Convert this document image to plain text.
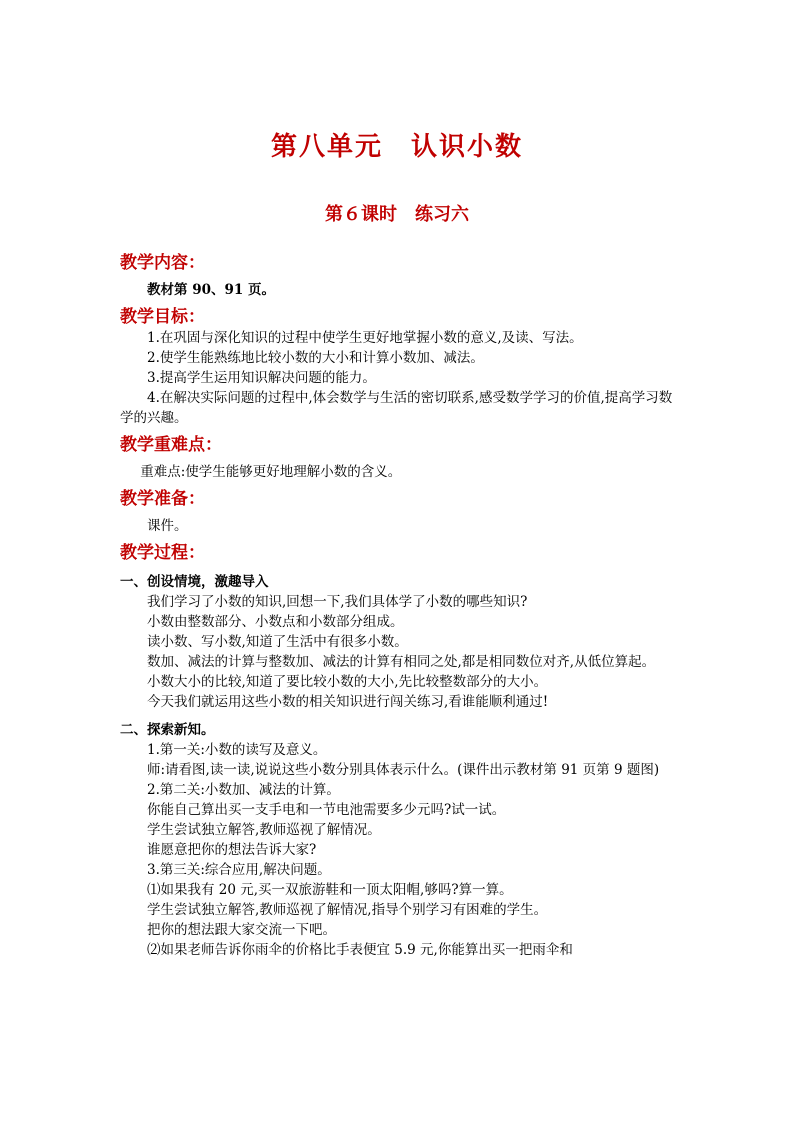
第八单元　认识小数
第６课时　练习六
教学内容：
教材第 90、91 页。
教学目标：
1.在巩固与深化知识的过程中使学生更好地掌握小数的意义,及读、写法。
2.使学生能熟练地比较小数的大小和计算小数加、减法。
3.提高学生运用知识解决问题的能力。
4.在解决实际问题的过程中,体会数学与生活的密切联系,感受数学学习的价值,提高学习数学的兴趣。
教学重难点：
重难点:使学生能够更好地理解小数的含义。
教学准备：
课件。
教学过程：
一、创设情境，激趣导入
我们学习了小数的知识,回想一下,我们具体学了小数的哪些知识?
小数由整数部分、小数点和小数部分组成。
读小数、写小数,知道了生活中有很多小数。
数加、减法的计算与整数加、减法的计算有相同之处,都是相同数位对齐,从低位算起。
小数大小的比较,知道了要比较小数的大小,先比较整数部分的大小。
今天我们就运用这些小数的相关知识进行闯关练习,看谁能顺利通过!
二、探索新知。
1.第一关:小数的读写及意义。
师:请看图,读一读,说说这些小数分别具体表示什么。(课件出示教材第 91 页第 9 题图)
2.第二关:小数加、减法的计算。
你能自己算出买一支手电和一节电池需要多少元吗?试一试。
学生尝试独立解答,教师巡视了解情况。
谁愿意把你的想法告诉大家?
3.第三关:综合应用,解决问题。
⑴如果我有 20 元,买一双旅游鞋和一顶太阳帽,够吗?算一算。
学生尝试独立解答,教师巡视了解情况,指导个别学习有困难的学生。
把你的想法跟大家交流一下吧。
⑵如果老师告诉你雨伞的价格比手表便宜 5.9 元,你能算出买一把雨伞和
